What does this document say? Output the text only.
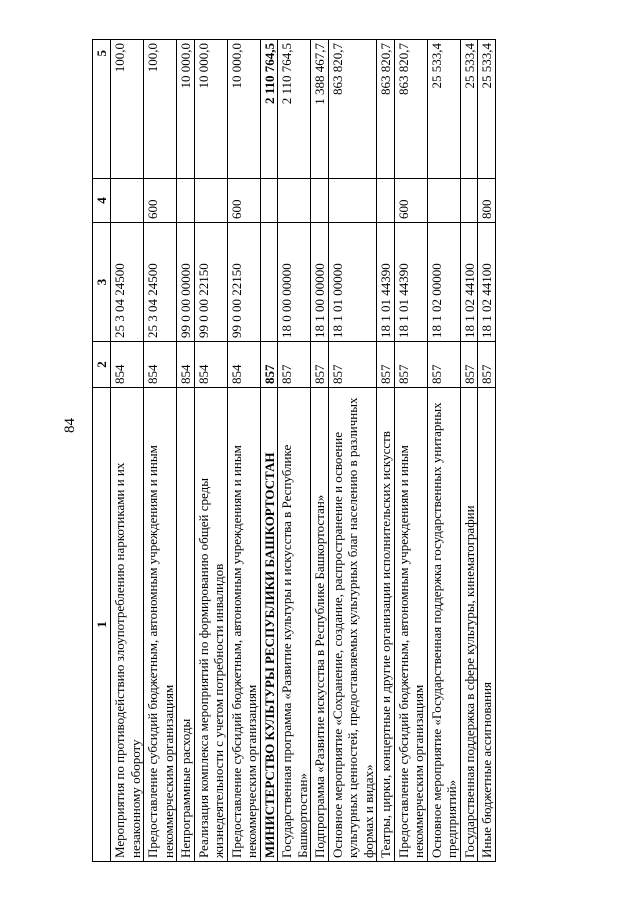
84
1	2	3	4	5
Мероприятия по противодействию злоупотреблению наркотиками и их незаконному обороту	854	25 3 04 24500		100,0
Предоставление субсидий бюджетным, автономным учреждениям и иным некоммерческим организациям	854	25 3 04 24500	600	100,0
Непрограммные расходы	854	99 0 00 00000		10 000,0
Реализация комплекса мероприятий по формированию общей среды жизнедеятельности с учетом потребности инвалидов	854	99 0 00 22150		10 000,0
Предоставление субсидий бюджетным, автономным учреждениям и иным некоммерческим организациям	854	99 0 00 22150	600	10 000,0
МИНИСТЕРСТВО КУЛЬТУРЫ РЕСПУБЛИКИ БАШКОРТОСТАН	857			2 110 764,5
Государственная программа «Развитие культуры и искусства в Республике Башкортостан»	857	18 0 00 00000		2 110 764,5
Подпрограмма «Развитие искусства в Республике Башкортостан»	857	18 1 00 00000		1 388 467,7
Основное мероприятие «Сохранение, создание, распространение и освоение культурных ценностей, предоставляемых культурных благ населению в различных формах и видах»	857	18 1 01 00000		863 820,7
Театры, цирки, концертные и другие организации исполнительских искусств	857	18 1 01 44390		863 820,7
Предоставление субсидий бюджетным, автономным учреждениям и иным некоммерческим организациям	857	18 1 01 44390	600	863 820,7
Основное мероприятие «Государственная поддержка государственных унитарных предприятий»	857	18 1 02 00000		25 533,4
Государственная поддержка в сфере культуры, кинематографии	857	18 1 02 44100		25 533,4
Иные бюджетные ассигнования	857	18 1 02 44100	800	25 533,4
